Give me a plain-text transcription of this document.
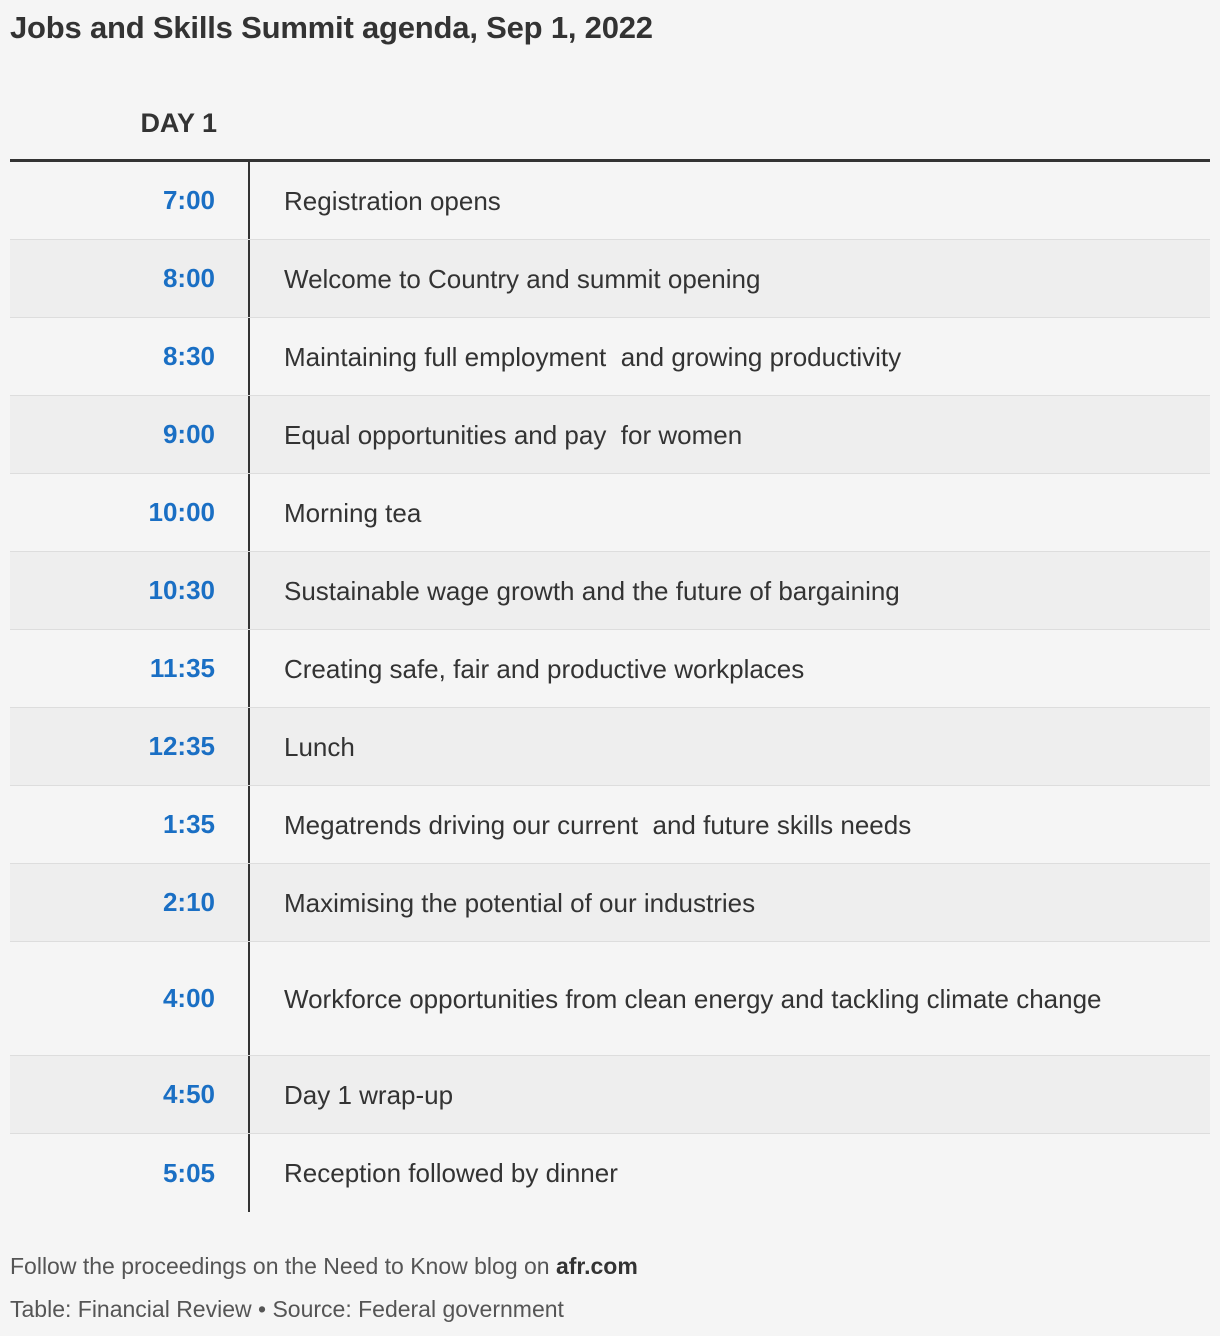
Jobs and Skills Summit agenda, Sep 1, 2022
DAY 1
7:00	Registration opens
8:00	Welcome to Country and summit opening
8:30	Maintaining full employment  and growing productivity
9:00	Equal opportunities and pay  for women
10:00	Morning tea
10:30	Sustainable wage growth and the future of bargaining
11:35	Creating safe, fair and productive workplaces
12:35	Lunch
1:35	Megatrends driving our current  and future skills needs
2:10	Maximising the potential of our industries
4:00	Workforce opportunities from clean energy and tackling climate change
4:50	Day 1 wrap-up
5:05	Reception followed by dinner
Follow the proceedings on the Need to Know blog on afr.com
Table: Financial Review • Source: Federal government
